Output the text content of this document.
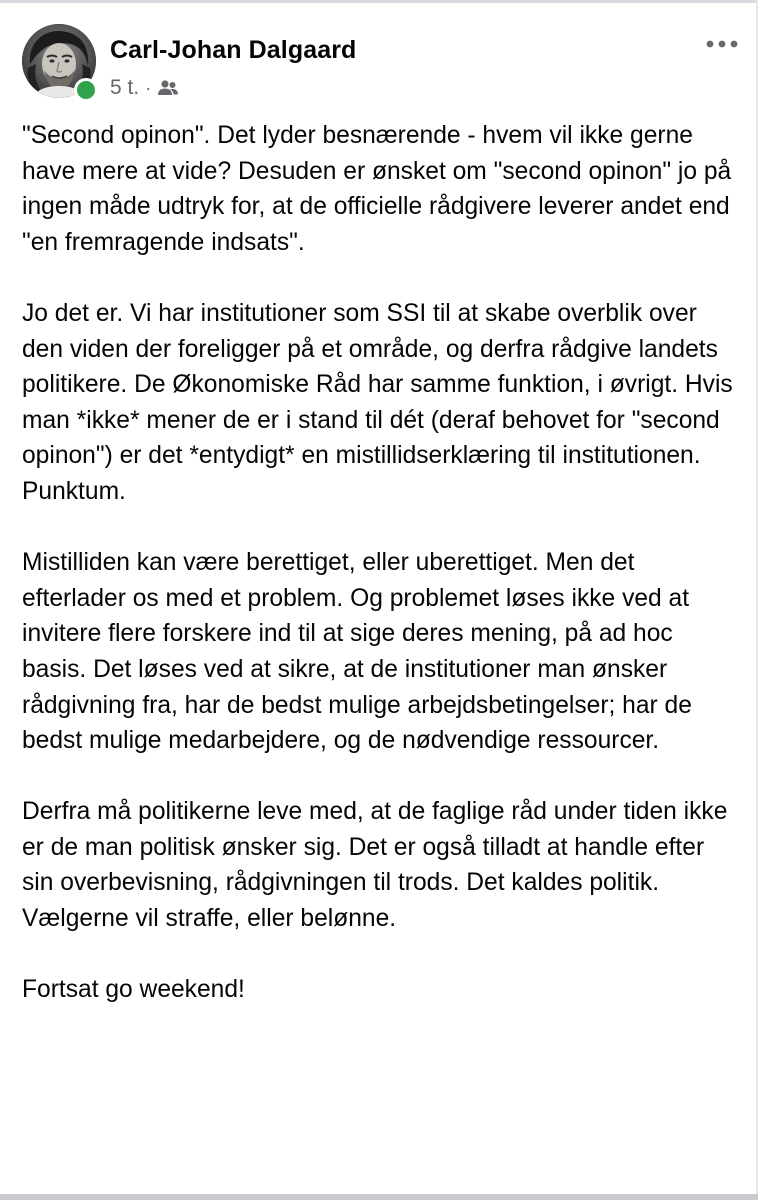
Carl-Johan Dalgaard
5 t. ·

"Second opinon". Det lyder besnærende - hvem vil ikke gerne have mere at vide? Desuden er ønsket om "second opinon" jo på ingen måde udtryk for, at de officielle rådgivere leverer andet end "en fremragende indsats".

Jo det er. Vi har institutioner som SSI til at skabe overblik over den viden der foreligger på et område, og derfra rådgive landets politikere. De Økonomiske Råd har samme funktion, i øvrigt. Hvis man *ikke* mener de er i stand til dét (deraf behovet for "second opinon") er det *entydigt* en mistillidserklæring til institutionen. Punktum.

Mistilliden kan være berettiget, eller uberettiget. Men det efterlader os med et problem. Og problemet løses ikke ved at invitere flere forskere ind til at sige deres mening, på ad hoc basis. Det løses ved at sikre, at de institutioner man ønsker rådgivning fra, har de bedst mulige arbejdsbetingelser; har de bedst mulige medarbejdere, og de nødvendige ressourcer.

Derfra må politikerne leve med, at de faglige råd under tiden ikke er de man politisk ønsker sig. Det er også tilladt at handle efter sin overbevisning, rådgivningen til trods. Det kaldes politik. Vælgerne vil straffe, eller belønne.

Fortsat go weekend!
